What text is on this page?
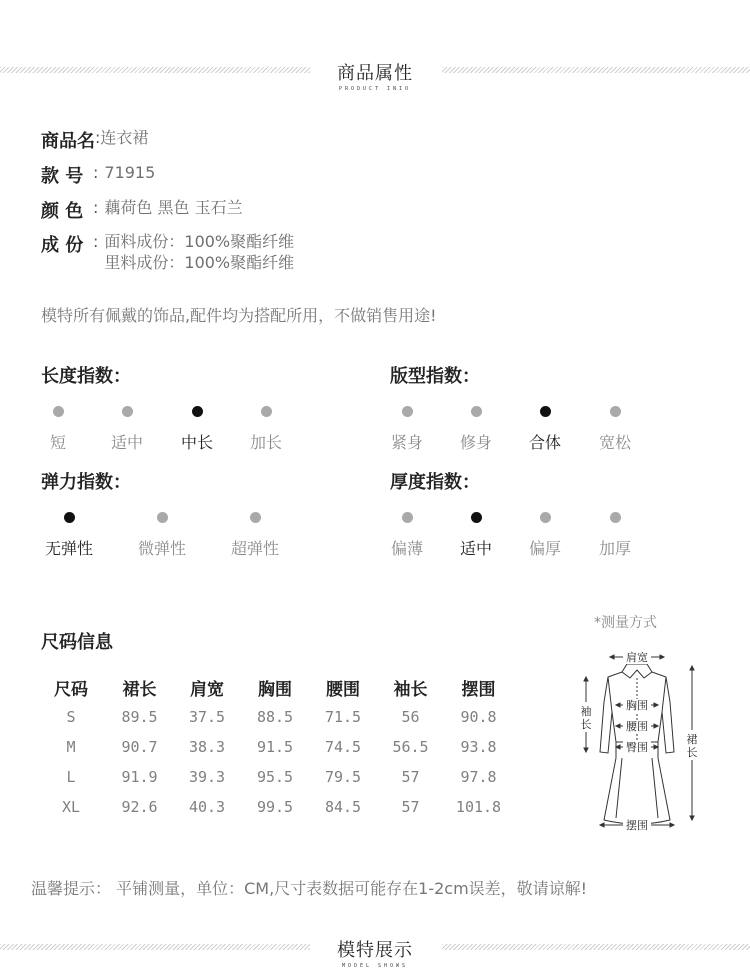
商品属性
PRODUCT INIO
商品名 : 连衣裙
款 号 : 71915
颜 色 : 藕荷色 黑色 玉石兰
成 份 : 面料成份：100%聚酯纤维
里料成份：100%聚酯纤维
模特所有佩戴的饰品,配件均为搭配所用，不做销售用途!
长度指数：
短	适中	中长	加长
版型指数：
紧身	修身	合体	宽松
弹力指数：
无弹性	微弹性	超弹性
厚度指数：
偏薄	适中	偏厚	加厚
尺码信息
尺码	裙长	肩宽	胸围	腰围	袖长	摆围
S	89.5	37.5	88.5	71.5	56	90.8
M	90.7	38.3	91.5	74.5	56.5	93.8
L	91.9	39.3	95.5	79.5	57	97.8
XL	92.6	40.3	99.5	84.5	57	101.8
*测量方式
肩宽
胸围
腰围
臀围
摆围
袖
长
裙
长
温馨提示： 平铺测量，单位：CM,尺寸表数据可能存在1-2cm误差，敬请谅解!
模特展示
MODEL SHOWS
